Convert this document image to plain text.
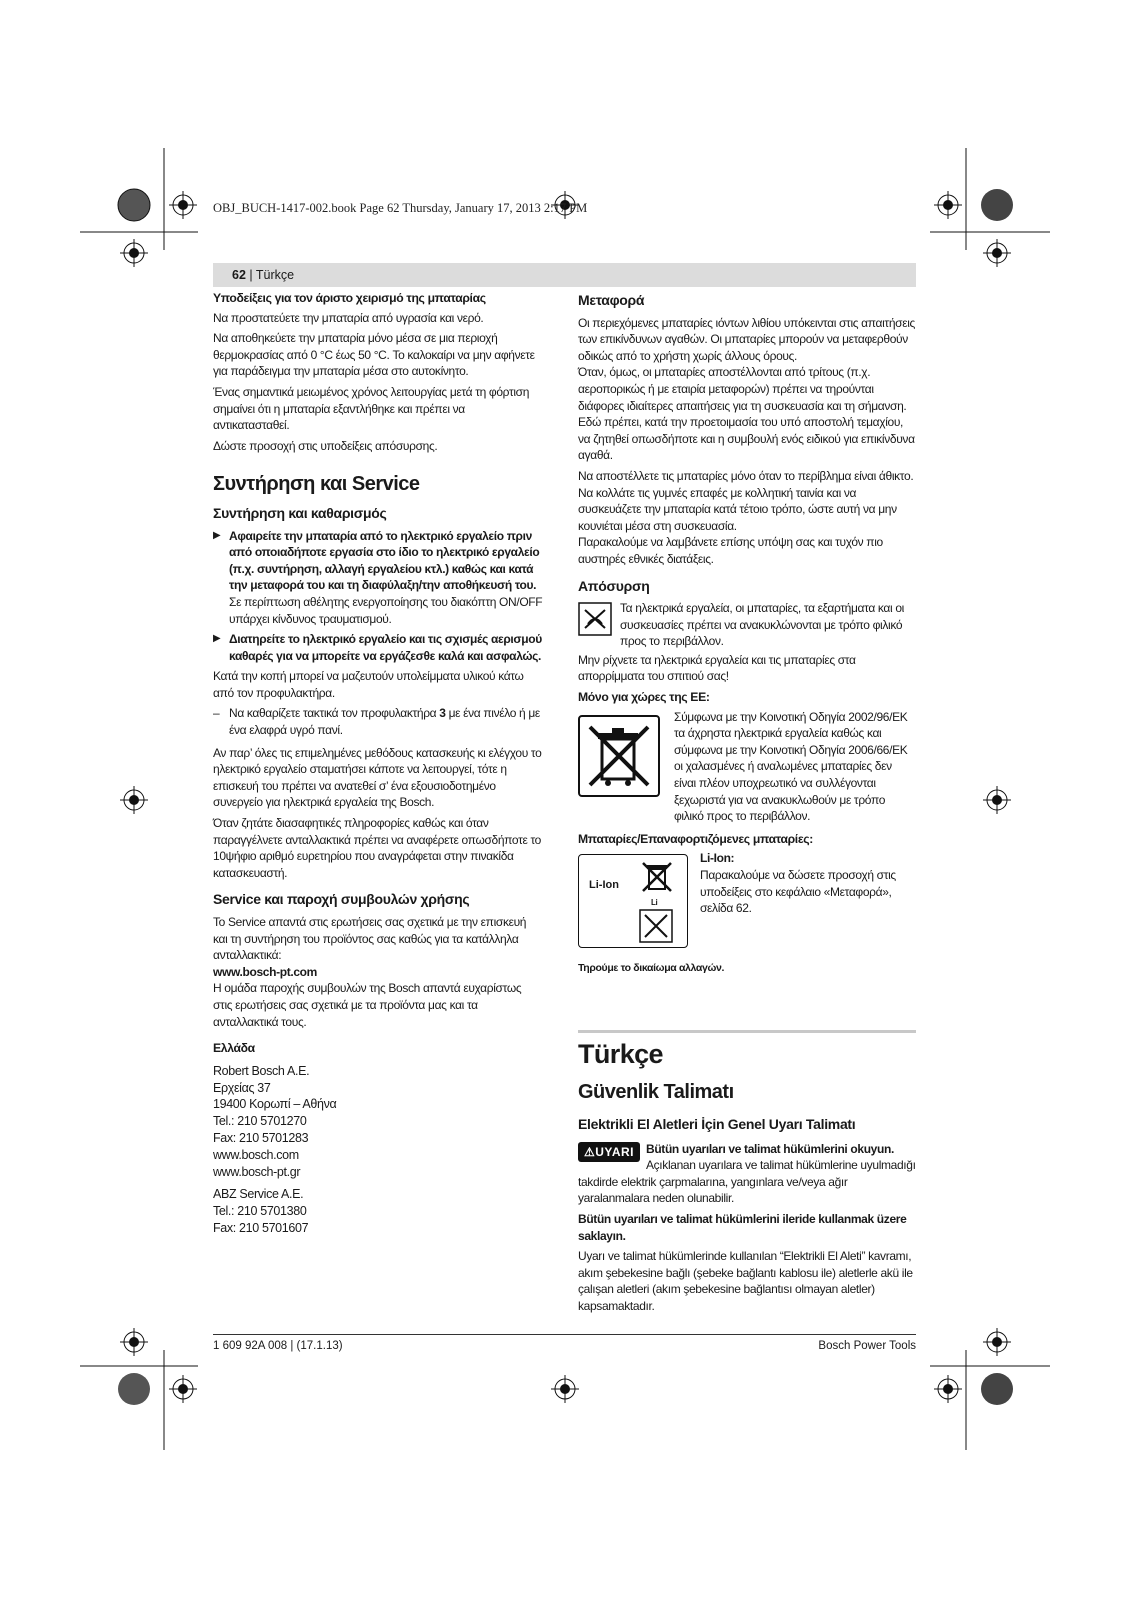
OBJ_BUCH-1417-002.book Page 62 Thursday, January 17, 2013 2:17 PM
62 | Türkçe
Υποδείξεις για τον άριστο χειρισμό της μπαταρίας

Να προστατεύετε την μπαταρία από υγρασία και νερό.

Να αποθηκεύετε την μπαταρία μόνο μέσα σε μια περιοχή θερμοκρασίας από 0 °C έως 50 °C. Το καλοκαίρι να μην αφήνετε για παράδειγμα την μπαταρία μέσα στο αυτοκίνητο.

Ένας σημαντικά μειωμένος χρόνος λειτουργίας μετά τη φόρτιση σημαίνει ότι η μπαταρία εξαντλήθηκε και πρέπει να αντικατασταθεί.

Δώστε προσοχή στις υποδείξεις απόσυρσης.

Συντήρηση και Service
Συντήρηση και καθαρισμός
▶ Αφαιρείτε την μπαταρία από το ηλεκτρικό εργαλείο πριν από οποιαδήποτε εργασία στο ίδιο το ηλεκτρικό εργαλείο (π.χ. συντήρηση, αλλαγή εργαλείου κτλ.) καθώς και κατά την μεταφορά του και τη διαφύλαξη/την αποθήκευσή του. Σε περίπτωση αθέλητης ενεργοποίησης του διακόπτη ON/OFF υπάρχει κίνδυνος τραυματισμού.
▶ Διατηρείτε το ηλεκτρικό εργαλείο και τις σχισμές αερισμού καθαρές για να μπορείτε να εργάζεσθε καλά και ασφαλώς.

Κατά την κοπή μπορεί να μαζευτούν υπολείμματα υλικού κάτω από τον προφυλακτήρα.

– Να καθαρίζετε τακτικά τον προφυλακτήρα 3 με ένα πινέλο ή με ένα ελαφρά υγρό πανί.

Αν παρ’ όλες τις επιμελημένες μεθόδους κατασκευής κι ελέγχου το ηλεκτρικό εργαλείο σταματήσει κάποτε να λειτουργεί, τότε η επισκευή του πρέπει να ανατεθεί σ’ ένα εξουσιοδοτημένο συνεργείο για ηλεκτρικά εργαλεία της Bosch.

Όταν ζητάτε διασαφητικές πληροφορίες καθώς και όταν παραγγέλνετε ανταλλακτικά πρέπει να αναφέρετε οπωσδήποτε το 10ψήφιο αριθμό ευρετηρίου που αναγράφεται στην πινακίδα κατασκευαστή.

Service και παροχή συμβουλών χρήσης

Το Service απαντά στις ερωτήσεις σας σχετικά με την επισκευή και τη συντήρηση του προϊόντος σας καθώς για τα κατάλληλα ανταλλακτικά:

www.bosch-pt.com

Η ομάδα παροχής συμβουλών της Bosch απαντά ευχαρίστως στις ερωτήσεις σας σχετικά με τα προϊόντα μας και τα ανταλλακτικά τους.

Ελλάδα
Robert Bosch A.E.
Ερχείας 37
19400 Κορωπί – Αθήνα
Tel.: 210 5701270
Fax: 210 5701283
www.bosch.com
www.bosch-pt.gr
ABZ Service A.E.
Tel.: 210 5701380
Fax: 210 5701607
Μεταφορά

Οι περιεχόμενες μπαταρίες ιόντων λιθίου υπόκεινται στις απαιτήσεις των επικίνδυνων αγαθών. Οι μπαταρίες μπορούν να μεταφερθούν οδικώς από το χρήστη χωρίς άλλους όρους.

Όταν, όμως, οι μπαταρίες αποστέλλονται από τρίτους (π.χ. αεροπορικώς ή με εταιρία μεταφορών) πρέπει να τηρούνται διάφορες ιδιαίτερες απαιτήσεις για τη συσκευασία και τη σήμανση. Εδώ πρέπει, κατά την προετοιμασία του υπό αποστολή τεμαχίου, να ζητηθεί οπωσδήποτε και η συμβουλή ενός ειδικού για επικίνδυνα αγαθά.

Να αποστέλλετε τις μπαταρίες μόνο όταν το περίβλημα είναι άθικτο. Να κολλάτε τις γυμνές επαφές με κολλητική ταινία και να συσκευάζετε την μπαταρία κατά τέτοιο τρόπο, ώστε αυτή να μην κουνιέται μέσα στη συσκευασία.

Παρακαλούμε να λαμβάνετε επίσης υπόψη σας και τυχόν πιο αυστηρές εθνικές διατάξεις.

Απόσυρση
Τα ηλεκτρικά εργαλεία, οι μπαταρίες, τα εξαρτήματα και οι συσκευασίες πρέπει να ανακυκλώνονται με τρόπο φιλικό προς το περιβάλλον.

Μην ρίχνετε τα ηλεκτρικά εργαλεία και τις μπαταρίες στα απορρίμματα του σπιτιού σας!

Μόνο για χώρες της ΕΕ:
Σύμφωνα με την Κοινοτική Οδηγία 2002/96/ΕΚ τα άχρηστα ηλεκτρικά εργαλεία καθώς και σύμφωνα με την Κοινοτική Οδηγία 2006/66/ΕΚ οι χαλασμένες ή αναλωμένες μπαταρίες δεν είναι πλέον υποχρεωτικό να συλλέγονται ξεχωριστά για να ανακυκλωθούν με τρόπο φιλικό προς το περιβάλλον.
Μπαταρίες/Επαναφορτιζόμενες μπαταρίες:
Li-Ion
Li
Li-Ion:
Παρακαλούμε να δώσετε προσοχή στις υποδείξεις στο κεφάλαιο «Μεταφορά», σελίδα 62.
Τηρούμε το δικαίωμα αλλαγών.
Türkçe
Güvenlik Talimatı
Elektrikli El Aletleri İçin Genel Uyarı Talimatı

⚠UYARI	Bütün uyarıları ve talimat hükümlerini okuyun. Açıklanan uyarılara ve talimat hükümlerine uyulmadığı takdirde elektrik çarpmalarına, yangınlara ve/veya ağır yaralanmalara neden olunabilir.

Bütün uyarıları ve talimat hükümlerini ileride kullanmak üzere saklayın.

Uyarı ve talimat hükümlerinde kullanılan “Elektrikli El Aleti” kavramı, akım şebekesine bağlı (şebeke bağlantı kablosu ile) aletlerle akü ile çalışan aletleri (akım şebekesine bağlantısı olmayan aletler) kapsamaktadır.

1 609 92A 008 | (17.1.13)	Bosch Power Tools
